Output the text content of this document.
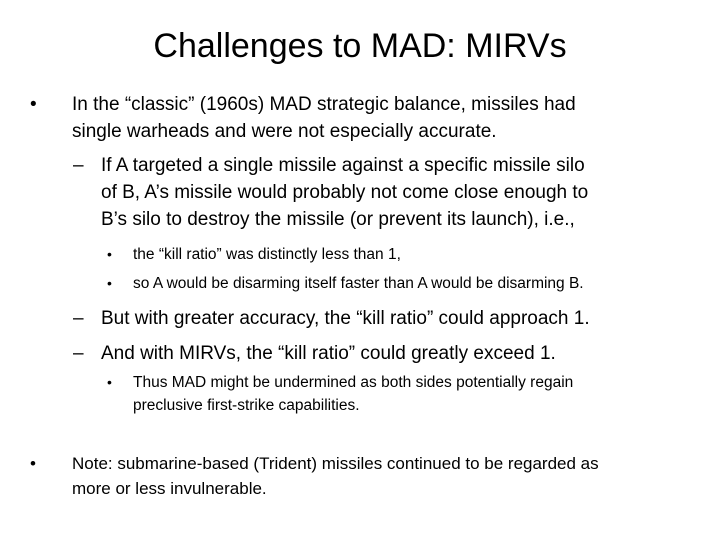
Challenges to MAD: MIRVs
• In the “classic” (1960s) MAD strategic balance, missiles had
single warheads and were not especially accurate.
– If A targeted a single missile against a specific missile silo
of B, A’s missile would probably not come close enough to
B’s silo to destroy the missile (or prevent its launch), i.e.,
• the “kill ratio” was distinctly less than 1,
• so A would be disarming itself faster than A would be disarming B.
– But with greater accuracy, the “kill ratio” could approach 1.
– And with MIRVs, the “kill ratio” could greatly exceed 1.
• Thus MAD might be undermined as both sides potentially regain
preclusive first-strike capabilities.
• Note: submarine-based (Trident) missiles continued to be regarded as
more or less invulnerable.
